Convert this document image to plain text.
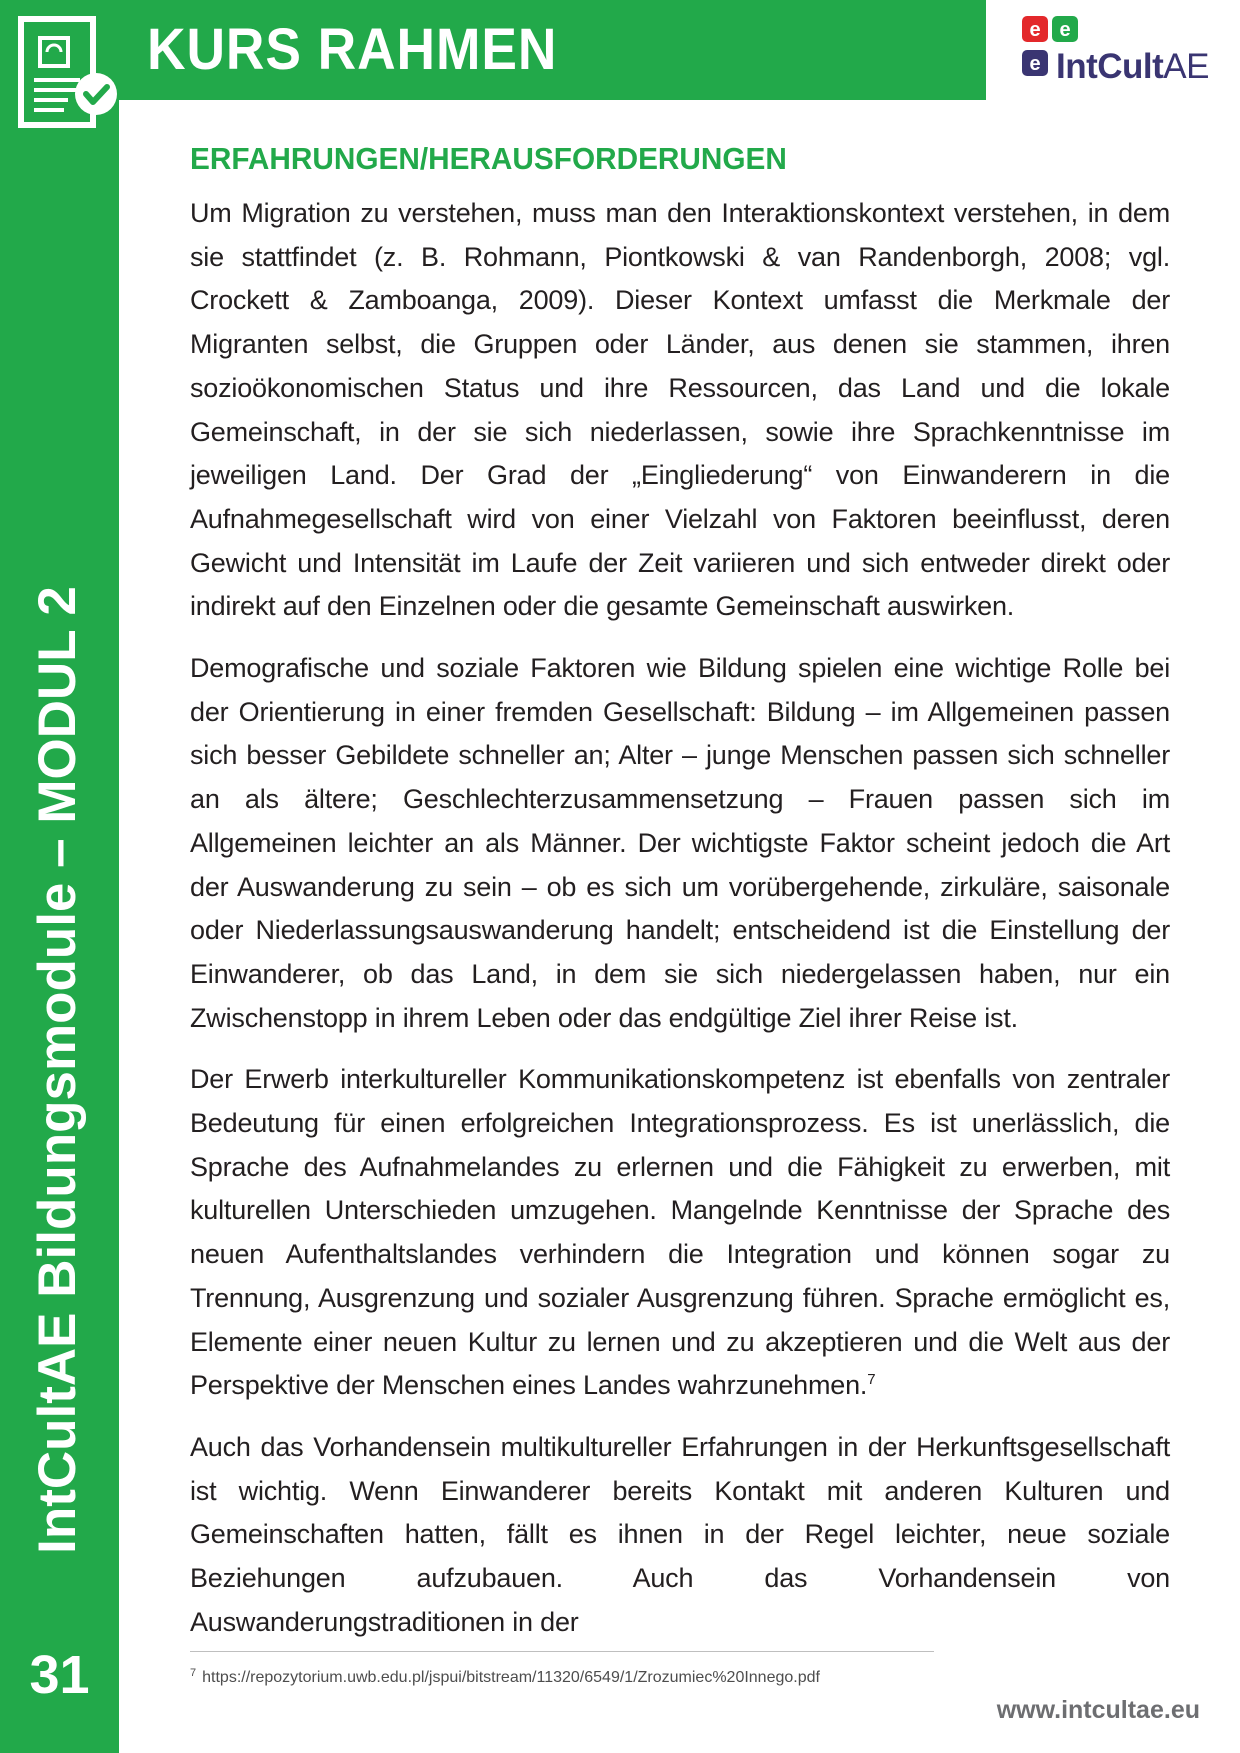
KURS RAHMEN	e e
e IntCultAE
IntCultAE Bildungsmodule – MODUL 2
31
ERFAHRUNGEN/HERAUSFORDERUNGEN

Um Migration zu verstehen, muss man den Interaktionskontext verstehen, in dem sie stattfindet (z. B. Rohmann, Piontkowski & van Randenborgh, 2008; vgl. Crockett & Zamboanga, 2009). Dieser Kontext umfasst die Merkmale der Migranten selbst, die Gruppen oder Länder, aus denen sie stammen, ihren sozioökonomischen Status und ihre Ressourcen, das Land und die lokale Gemeinschaft, in der sie sich niederlassen, sowie ihre Sprachkenntnisse im jeweiligen Land. Der Grad der „Eingliederung“ von Einwanderern in die Aufnahmegesellschaft wird von einer Vielzahl von Faktoren beeinflusst, deren Gewicht und Intensität im Laufe der Zeit variieren und sich entweder direkt oder indirekt auf den Einzelnen oder die gesamte Gemeinschaft auswirken.

Demografische und soziale Faktoren wie Bildung spielen eine wichtige Rolle bei der Orientierung in einer fremden Gesellschaft: Bildung – im Allgemeinen passen sich besser Gebildete schneller an; Alter – junge Menschen passen sich schneller an als ältere; Geschlechterzusammensetzung – Frauen passen sich im Allgemeinen leichter an als Männer. Der wichtigste Faktor scheint jedoch die Art der Auswanderung zu sein – ob es sich um vorübergehende, zirkuläre, saisonale oder Niederlassungsauswanderung handelt; entscheidend ist die Einstellung der Einwanderer, ob das Land, in dem sie sich niedergelassen haben, nur ein Zwischenstopp in ihrem Leben oder das endgültige Ziel ihrer Reise ist.

Der Erwerb interkultureller Kommunikationskompetenz ist ebenfalls von zentraler Bedeutung für einen erfolgreichen Integrationsprozess. Es ist unerlässlich, die Sprache des Aufnahmelandes zu erlernen und die Fähigkeit zu erwerben, mit kulturellen Unterschieden umzugehen. Mangelnde Kenntnisse der Sprache des neuen Aufenthaltslandes verhindern die Integration und können sogar zu Trennung, Ausgrenzung und sozialer Ausgrenzung führen. Sprache ermöglicht es, Elemente einer neuen Kultur zu lernen und zu akzeptieren und die Welt aus der Perspektive der Menschen eines Landes wahrzunehmen.$^7$

Auch das Vorhandensein multikultureller Erfahrungen in der Herkunftsgesellschaft ist wichtig. Wenn Einwanderer bereits Kontakt mit anderen Kulturen und Gemeinschaften hatten, fällt es ihnen in der Regel leichter, neue soziale Beziehungen aufzubauen. Auch das Vorhandensein von Auswanderungstraditionen in der

$^7$ https://repozytorium.uwb.edu.pl/jspui/bitstream/11320/6549/1/Zrozumiec%20Innego.pdf
www.intcultae.eu
